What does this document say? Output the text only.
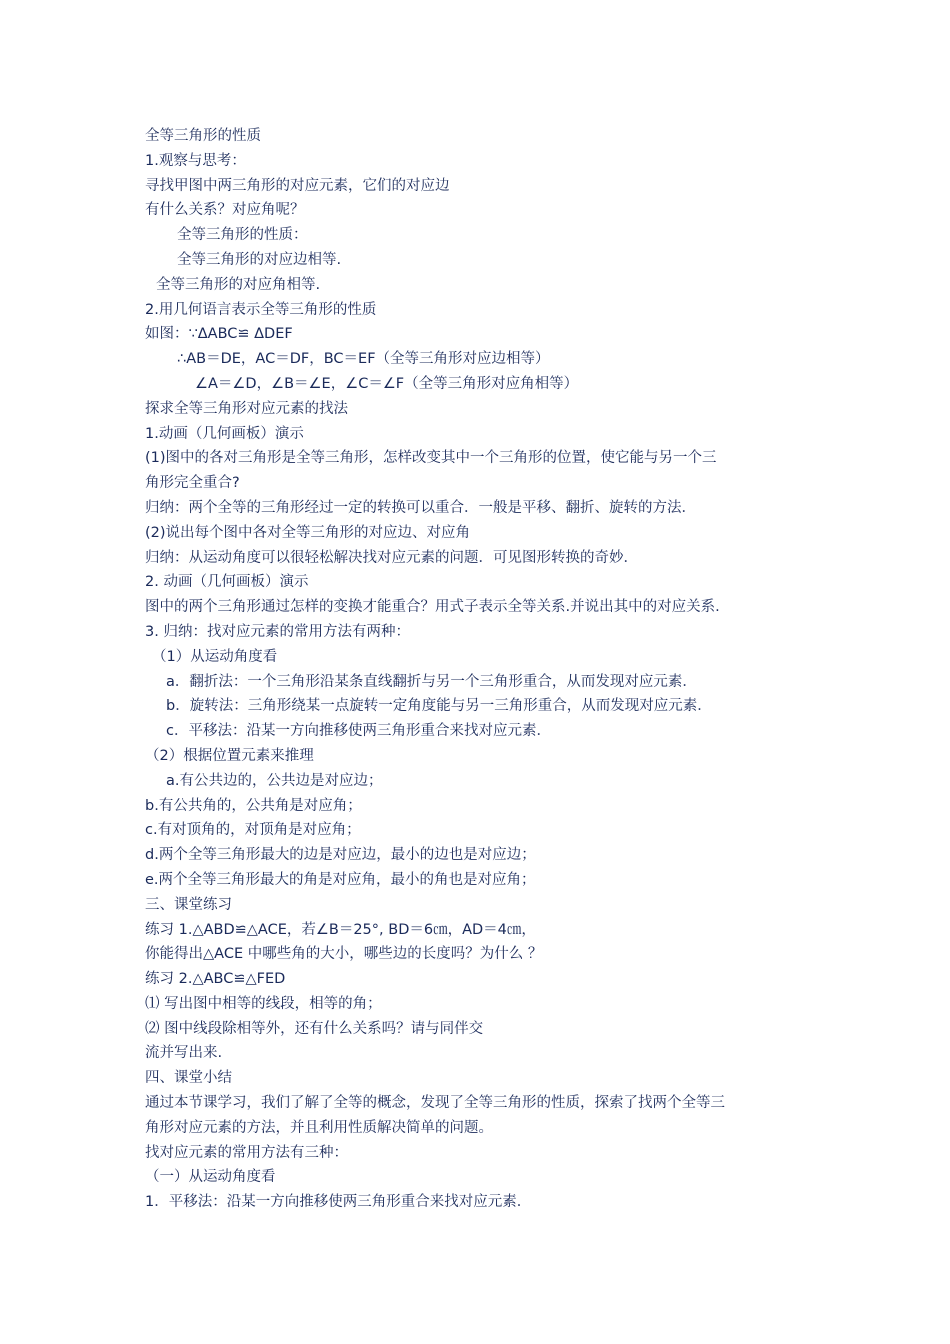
全等三角形的性质
1.观察与思考：
寻找甲图中两三角形的对应元素，它们的对应边
有什么关系？对应角呢？
全等三角形的性质：
全等三角形的对应边相等.
全等三角形的对应角相等.
2.用几何语言表示全等三角形的性质
如图：∵ΔABC≌ ΔDEF
∴AB＝DE，AC＝DF，BC＝EF（全等三角形对应边相等）
∠A＝∠D，∠B＝∠E，∠C＝∠F（全等三角形对应角相等）
探求全等三角形对应元素的找法
1.动画（几何画板）演示
(1)图中的各对三角形是全等三角形，怎样改变其中一个三角形的位置，使它能与另一个三
角形完全重合?
归纳：两个全等的三角形经过一定的转换可以重合．一般是平移、翻折、旋转的方法．
(2)说出每个图中各对全等三角形的对应边、对应角
归纳：从运动角度可以很轻松解决找对应元素的问题．可见图形转换的奇妙．
2. 动画（几何画板）演示
图中的两个三角形通过怎样的变换才能重合？用式子表示全等关系.并说出其中的对应关系.
3. 归纳：找对应元素的常用方法有两种：
（1）从运动角度看
a．翻折法：一个三角形沿某条直线翻折与另一个三角形重合，从而发现对应元素．
b．旋转法：三角形绕某一点旋转一定角度能与另一三角形重合，从而发现对应元素．
c．平移法：沿某一方向推移使两三角形重合来找对应元素．
（2）根据位置元素来推理
a.有公共边的，公共边是对应边；
b.有公共角的，公共角是对应角；
c.有对顶角的，对顶角是对应角；
d.两个全等三角形最大的边是对应边，最小的边也是对应边；
e.两个全等三角形最大的角是对应角，最小的角也是对应角；
三、课堂练习
练习 1.△ABD≌△ACE，若∠B＝25°, BD＝6㎝，AD＝4㎝，
你能得出△ACE 中哪些角的大小，哪些边的长度吗？为什么 ？
练习 2.△ABC≌△FED
⑴ 写出图中相等的线段，相等的角；
⑵ 图中线段除相等外，还有什么关系吗？请与同伴交
流并写出来.
四、课堂小结
通过本节课学习，我们了解了全等的概念，发现了全等三角形的性质，探索了找两个全等三
角形对应元素的方法，并且利用性质解决简单的问题。
找对应元素的常用方法有三种：
（一）从运动角度看
1．平移法：沿某一方向推移使两三角形重合来找对应元素．
